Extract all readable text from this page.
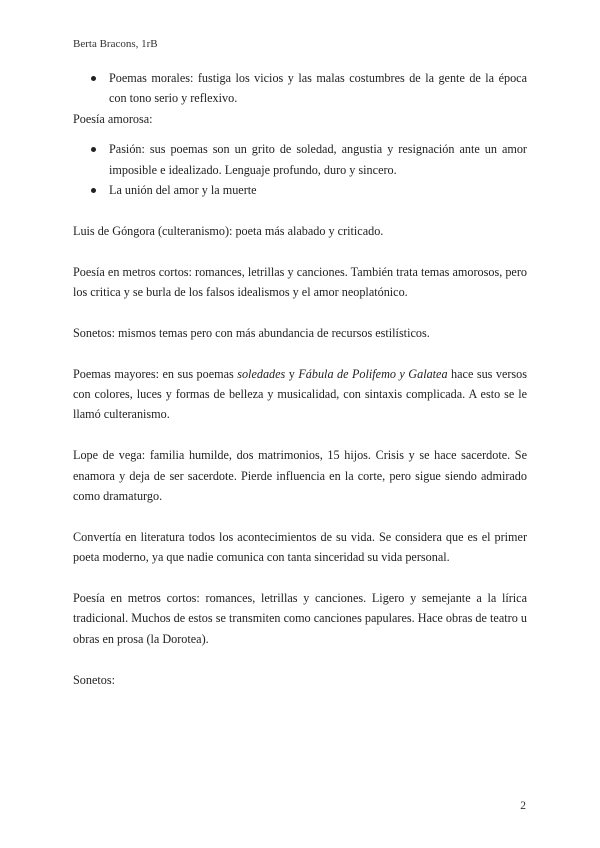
Berta Bracons, 1rB
Poemas morales: fustiga los vicios y las malas costumbres de la gente de la época con tono serio y reflexivo.

Poesía amorosa:

Pasión: sus poemas son un grito de soledad, angustia y resignación ante un amor imposible e idealizado. Lenguaje profundo, duro y sincero.
La unión del amor y la muerte

Luis de Góngora (culteranismo): poeta más alabado y criticado.

Poesía en metros cortos: romances, letrillas y canciones. También trata temas amorosos, pero los critica y se burla de los falsos idealismos y el amor neoplatónico.

Sonetos: mismos temas pero con más abundancia de recursos estilísticos.

Poemas mayores: en sus poemas soledades y Fábula de Polifemo y Galatea hace sus versos con colores, luces y formas de belleza y musicalidad, con sintaxis complicada. A esto se le llamó culteranismo.

Lope de vega: familia humilde, dos matrimonios, 15 hijos. Crisis y se hace sacerdote. Se enamora y deja de ser sacerdote. Pierde influencia en la corte, pero sigue siendo admirado como dramaturgo.

Convertía en literatura todos los acontecimientos de su vida. Se considera que es el primer poeta moderno, ya que nadie comunica con tanta sinceridad su vida personal.

Poesía en metros cortos: romances, letrillas y canciones. Ligero y semejante a la lírica tradicional. Muchos de estos se transmiten como canciones papulares. Hace obras de teatro u obras en prosa (la Dorotea).

Sonetos:

2
